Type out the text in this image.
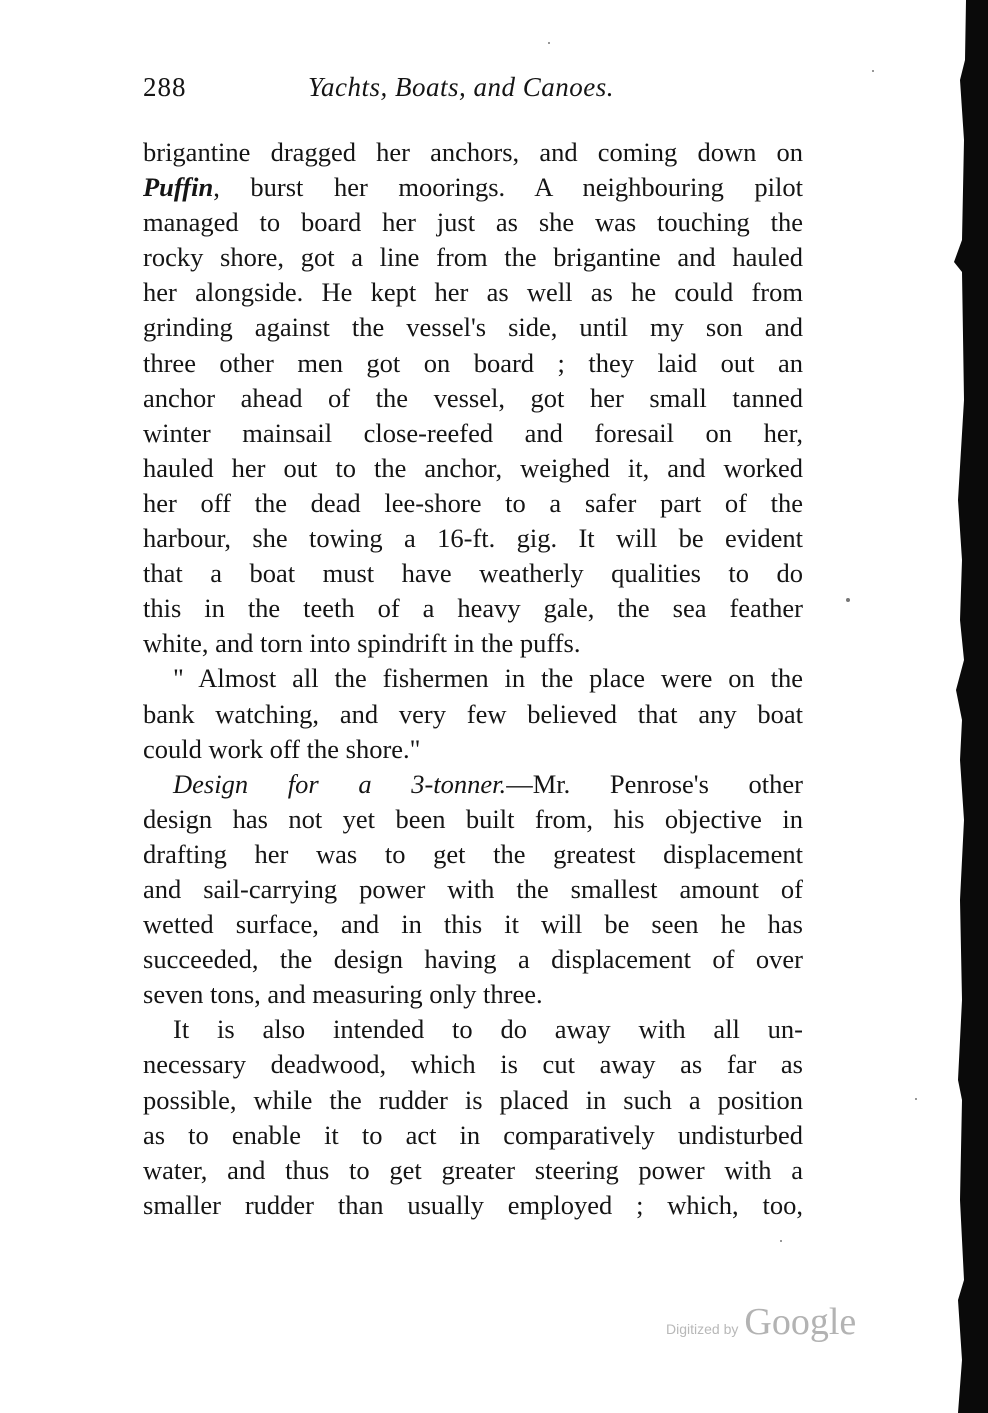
288	Yachts, Boats, and Canoes.
brigantine dragged her anchors, and coming down on
Puffin, burst her moorings. A neighbouring pilot
managed to board her just as she was touching the
rocky shore, got a line from the brigantine and hauled
her alongside. He kept her as well as he could from
grinding against the vessel's side, until my son and
three other men got on board ; they laid out an
anchor ahead of the vessel, got her small tanned
winter mainsail close-reefed and foresail on her,
hauled her out to the anchor, weighed it, and worked
her off the dead lee-shore to a safer part of the
harbour, she towing a 16-ft. gig. It will be evident
that a boat must have weatherly qualities to do
this in the teeth of a heavy gale, the sea feather
white, and torn into spindrift in the puffs.
" Almost all the fishermen in the place were on the
bank watching, and very few believed that any boat
could work off the shore."
Design for a 3-tonner.—Mr. Penrose's other
design has not yet been built from, his objective in
drafting her was to get the greatest displacement
and sail-carrying power with the smallest amount of
wetted surface, and in this it will be seen he has
succeeded, the design having a displacement of over
seven tons, and measuring only three.
It is also intended to do away with all un-
necessary deadwood, which is cut away as far as
possible, while the rudder is placed in such a position
as to enable it to act in comparatively undisturbed
water, and thus to get greater steering power with a
smaller rudder than usually employed ; which, too,
Digitized by Google
